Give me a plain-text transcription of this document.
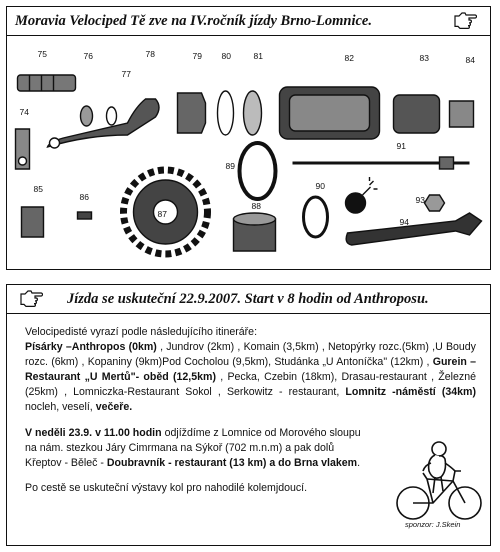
Moravia Velociped Tě zve na IV.ročník jízdy Brno-Lomnice.
75	76
77
78	79 80	81	82	83	84
74
91
89
90
93
85
86
87
88
94
Jízda se uskuteční 22.9.2007. Start v 8 hodin od Anthroposu.

Velocipedisté vyrazí podle následujícího itineráře:
Písárky –Anthropos (0km) , Jundrov (2km) , Komain (3,5km) , Netopýrky rozc.(5km) ,U Boudy rozc. (6km) , Kopaniny (9km)Pod Cocholou (9,5km), Studánka „U Antoníčka" (12km) , Gurein –Restaurant „U Mertů"- oběd (12,5km) , Pecka, Czebin (18km), Drasau-restaurant , Železné (25km) , Lomniczka-Restaurant Sokol , Serkowitz - restaurant, Lomnitz -náměstí (34km) nocleh, veselí, večeře.

V neděli 23.9. v 11.00 hodin odjíždíme z Lomnice od Morového sloupu na nám. stezkou Járy Cimrmana na Sýkoř (702 m.n.m) a pak dolů Křeptov - Běleč - Doubravník - restaurant (13 km) a do Brna vlakem.

Po cestě se uskuteční výstavy kol pro nahodilé kolemjdoucí.

sponzor: J.Skein
